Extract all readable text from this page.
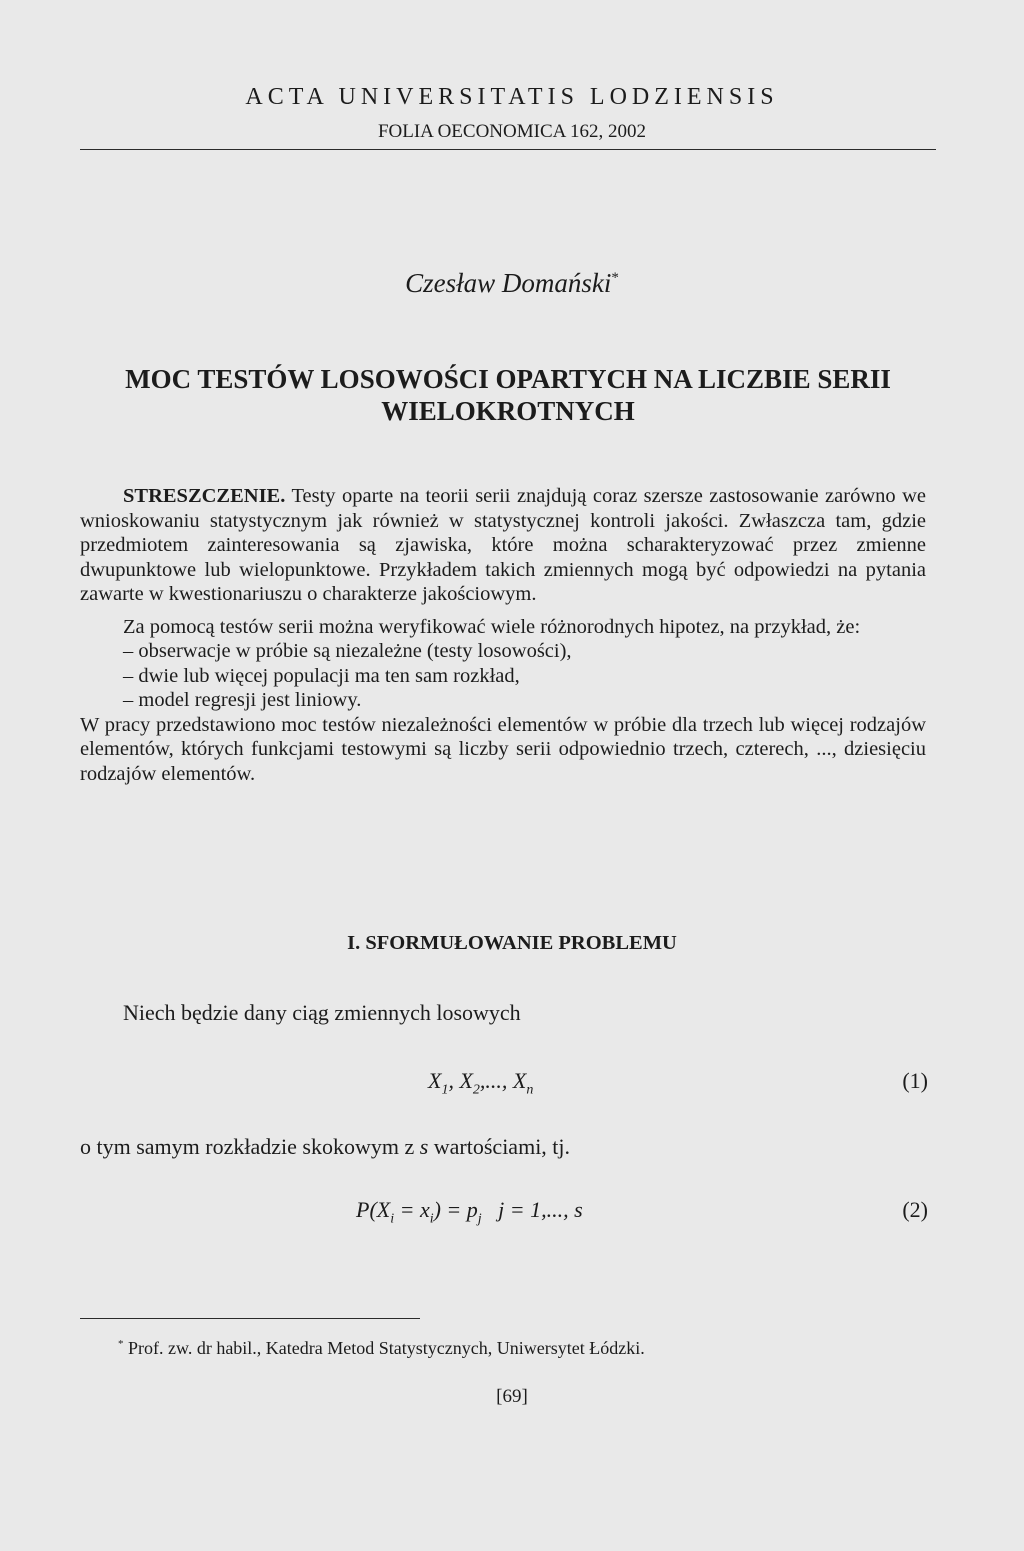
ACTA UNIVERSITATIS LODZIENSIS
FOLIA OECONOMICA 162, 2002
Czesław Domański*
MOC TESTÓW LOSOWOŚCI OPARTYCH NA LICZBIE SERII
WIELOKROTNYCH

STRESZCZENIE. Testy oparte na teorii serii znajdują coraz szersze zastosowanie zarówno we wnioskowaniu statystycznym jak również w statystycznej kontroli jakości. Zwłaszcza tam, gdzie przedmiotem zainteresowania są zjawiska, które można scharakteryzować przez zmienne dwupunktowe lub wielopunktowe. Przykładem takich zmiennych mogą być odpowiedzi na pytania zawarte w kwestionariuszu o charakterze jakościowym.

Za pomocą testów serii można weryfikować wiele różnorodnych hipotez, na przykład, że:

– obserwacje w próbie są niezależne (testy losowości),

– dwie lub więcej populacji ma ten sam rozkład,

– model regresji jest liniowy.

W pracy przedstawiono moc testów niezależności elementów w próbie dla trzech lub więcej rodzajów elementów, których funkcjami testowymi są liczby serii odpowiednio trzech, czterech, ..., dziesięciu rodzajów elementów.

I. SFORMUŁOWANIE PROBLEMU
Niech będzie dany ciąg zmiennych losowych
$X_1$, $X_2$,..., $X_n$	(1)
o tym samym rozkładzie skokowym z s wartościami, tj.
$P(X_i = x_i) = p_j$ j = 1,..., s	(2)
* Prof. zw. dr habil., Katedra Metod Statystycznych, Uniwersytet Łódzki.
[69]
